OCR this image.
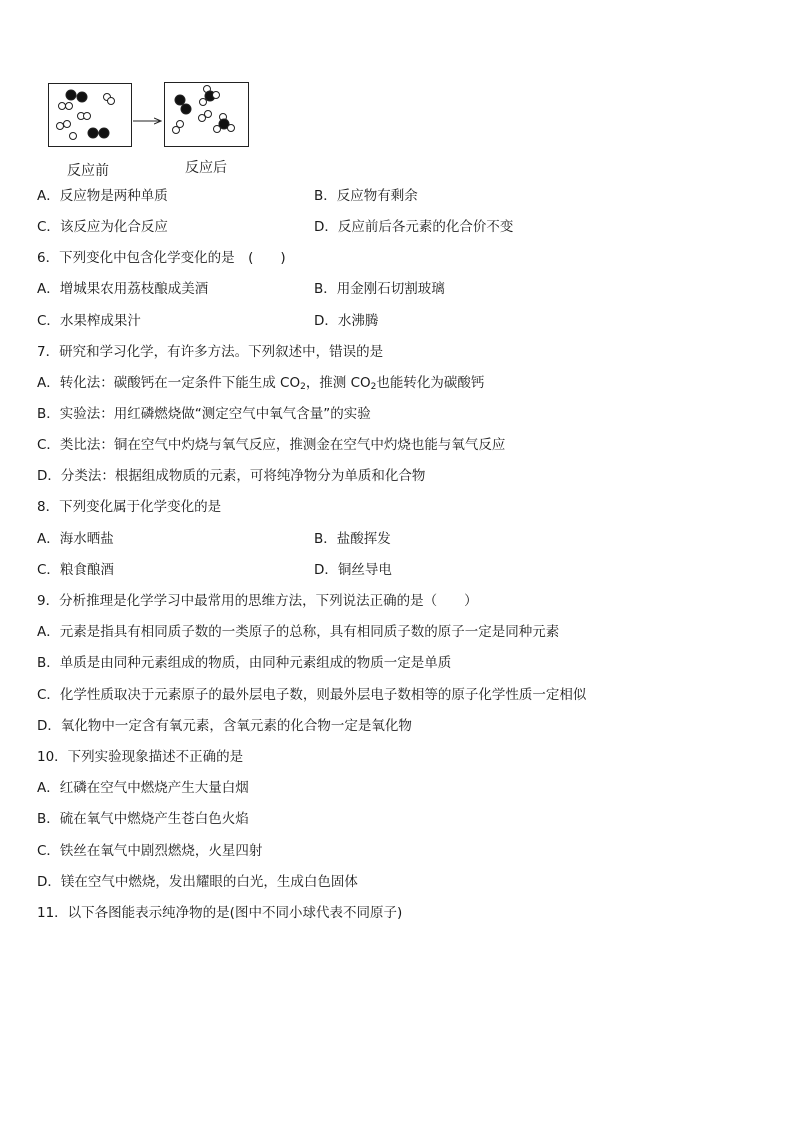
反应前	反应后
A．反应物是两种单质	B．反应物有剩余
C．该反应为化合反应	D．反应前后各元素的化合价不变
6．下列变化中包含化学变化的是　(　　)
A．增城果农用荔枝酿成美酒	B．用金刚石切割玻璃
C．水果榨成果汁	D．水沸腾
7．研究和学习化学，有许多方法。下列叙述中，错误的是
A．转化法：碳酸钙在一定条件下能生成 $CO_2$，推测 $CO_2$也能转化为碳酸钙
B．实验法：用红磷燃烧做“测定空气中氧气含量”的实验
C．类比法：铜在空气中灼烧与氧气反应，推测金在空气中灼烧也能与氧气反应
D．分类法：根据组成物质的元素，可将纯净物分为单质和化合物
8．下列变化属于化学变化的是
A．海水晒盐	B．盐酸挥发
C．粮食酿酒	D．铜丝导电
9．分析推理是化学学习中最常用的思维方法，下列说法正确的是（　　）
A．元素是指具有相同质子数的一类原子的总称，具有相同质子数的原子一定是同种元素
B．单质是由同种元素组成的物质，由同种元素组成的物质一定是单质
C．化学性质取决于元素原子的最外层电子数，则最外层电子数相等的原子化学性质一定相似
D．氧化物中一定含有氧元素，含氧元素的化合物一定是氧化物
10．下列实验现象描述不正确的是
A．红磷在空气中燃烧产生大量白烟
B．硫在氧气中燃烧产生苍白色火焰
C．铁丝在氧气中剧烈燃烧，火星四射
D．镁在空气中燃烧，发出耀眼的白光，生成白色固体
11．以下各图能表示纯净物的是(图中不同小球代表不同原子)
